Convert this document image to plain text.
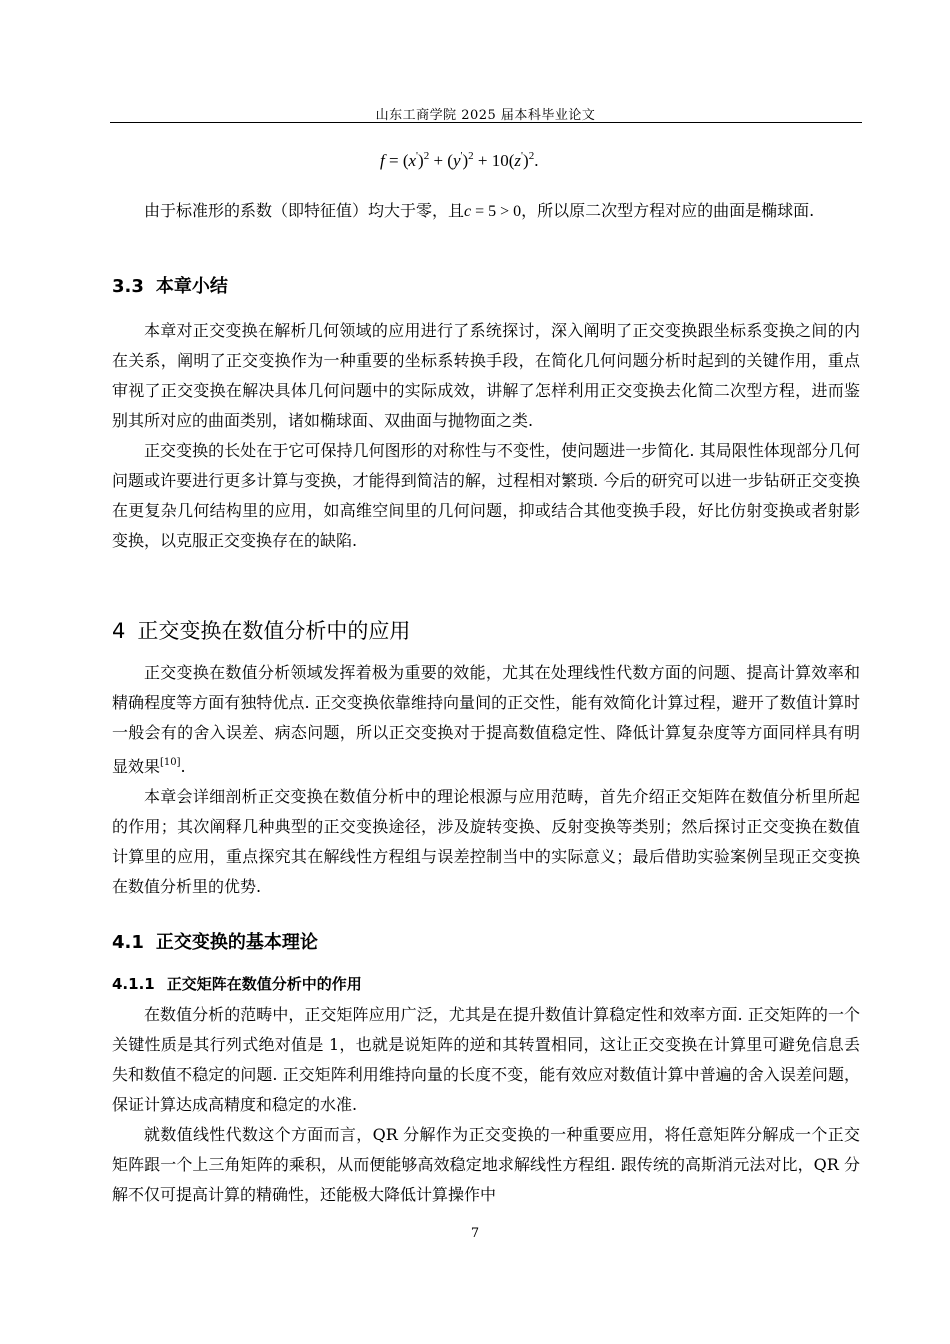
山东工商学院 2025 届本科毕业论文
$f = (x')^2 + (y')^2 + 10(z')^2$.

由于标准形的系数（即特征值）均大于零，且c = 5 > 0，所以原二次型方程对应的曲面是椭球面.

3.3 本章小结

本章对正交变换在解析几何领域的应用进行了系统探讨，深入阐明了正交变换跟坐标系变换之间的内在关系，阐明了正交变换作为一种重要的坐标系转换手段，在简化几何问题分析时起到的关键作用，重点审视了正交变换在解决具体几何问题中的实际成效，讲解了怎样利用正交变换去化简二次型方程，进而鉴别其所对应的曲面类别，诸如椭球面、双曲面与抛物面之类.

正交变换的长处在于它可保持几何图形的对称性与不变性，使问题进一步简化. 其局限性体现部分几何问题或许要进行更多计算与变换，才能得到简洁的解，过程相对繁琐. 今后的研究可以进一步钻研正交变换在更复杂几何结构里的应用，如高维空间里的几何问题，抑或结合其他变换手段，好比仿射变换或者射影变换，以克服正交变换存在的缺陷.

4 正交变换在数值分析中的应用

正交变换在数值分析领域发挥着极为重要的效能，尤其在处理线性代数方面的问题、提高计算效率和精确程度等方面有独特优点. 正交变换依靠维持向量间的正交性，能有效简化计算过程，避开了数值计算时一般会有的舍入误差、病态问题，所以正交变换对于提高数值稳定性、降低计算复杂度等方面同样具有明显效果[10].

本章会详细剖析正交变换在数值分析中的理论根源与应用范畴，首先介绍正交矩阵在数值分析里所起的作用；其次阐释几种典型的正交变换途径，涉及旋转变换、反射变换等类别；然后探讨正交变换在数值计算里的应用，重点探究其在解线性方程组与误差控制当中的实际意义；最后借助实验案例呈现正交变换在数值分析里的优势.

4.1 正交变换的基本理论
4.1.1 正交矩阵在数值分析中的作用

在数值分析的范畴中，正交矩阵应用广泛，尤其是在提升数值计算稳定性和效率方面. 正交矩阵的一个关键性质是其行列式绝对值是 1，也就是说矩阵的逆和其转置相同，这让正交变换在计算里可避免信息丢失和数值不稳定的问题. 正交矩阵利用维持向量的长度不变，能有效应对数值计算中普遍的舍入误差问题，保证计算达成高精度和稳定的水准.

就数值线性代数这个方面而言，QR 分解作为正交变换的一种重要应用，将任意矩阵分解成一个正交矩阵跟一个上三角矩阵的乘积，从而便能够高效稳定地求解线性方程组. 跟传统的高斯消元法对比，QR 分解不仅可提高计算的精确性，还能极大降低计算操作中

7
